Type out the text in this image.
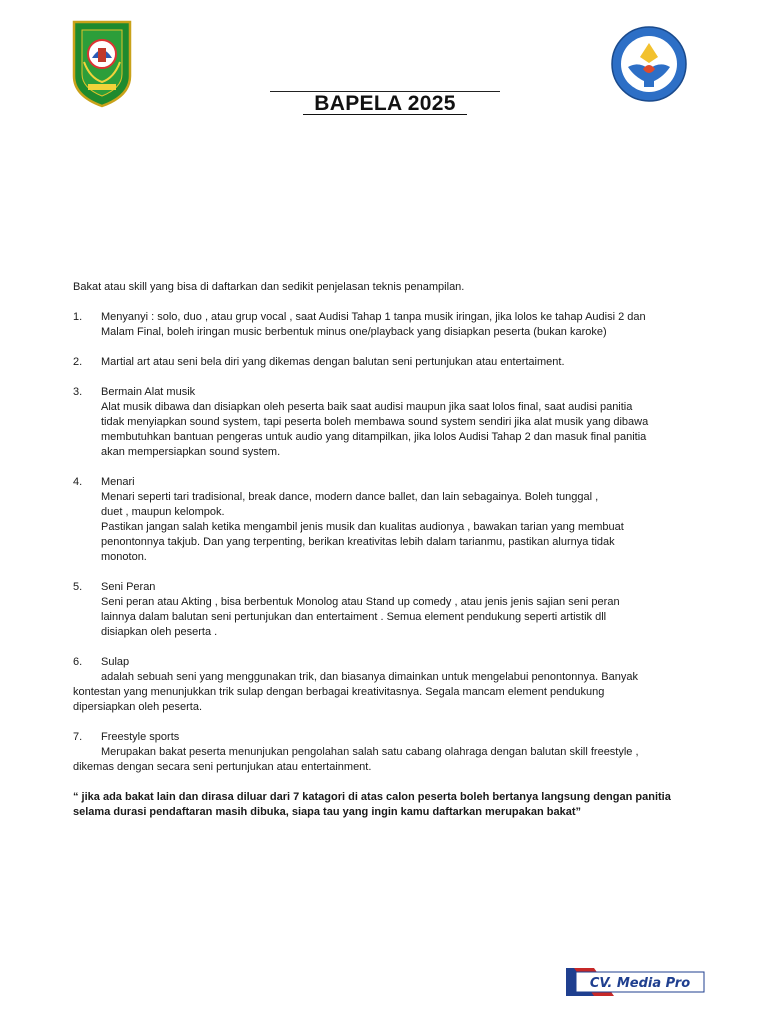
BAPELA 2025

Bakat atau skill yang bisa di daftarkan dan sedikit penjelasan teknis penampilan.

1.	Menyanyi : solo, duo , atau grup vocal , saat Audisi Tahap 1 tanpa musik iringan, jika lolos ke tahap Audisi 2 dan

Malam Final, boleh iringan music berbentuk minus one/playback yang disiapkan peserta (bukan karoke)

2.	Martial art atau seni bela diri yang dikemas dengan balutan seni pertunjukan atau entertaiment.
3.	Bermain Alat musik

Alat musik dibawa dan disiapkan oleh peserta baik saat audisi maupun jika saat lolos final, saat audisi panitia

tidak menyiapkan sound system, tapi peserta boleh membawa sound system sendiri jika alat musik yang dibawa

membutuhkan bantuan pengeras untuk audio yang ditampilkan, jika lolos Audisi Tahap 2 dan masuk final panitia

akan mempersiapkan sound system.

4.	Menari

Menari seperti tari tradisional, break dance, modern dance ballet, dan lain sebagainya. Boleh tunggal ,

duet , maupun kelompok.

Pastikan jangan salah ketika mengambil jenis musik dan kualitas audionya , bawakan tarian yang membuat

penontonnya takjub. Dan yang terpenting, berikan kreativitas lebih dalam tarianmu, pastikan alurnya tidak

monoton.

5.	Seni Peran

Seni peran atau Akting , bisa berbentuk Monolog atau Stand up comedy , atau jenis jenis sajian seni peran

lainnya dalam balutan seni pertunjukan dan entertaiment . Semua element pendukung seperti artistik dll

disiapkan oleh peserta .

6.	Sulap

adalah sebuah seni yang menggunakan trik, dan biasanya dimainkan untuk mengelabui penontonnya. Banyak

kontestan yang menunjukkan trik sulap dengan berbagai kreativitasnya. Segala mancam element pendukung

dipersiapkan oleh peserta.

7.	Freestyle sports

Merupakan bakat peserta menunjukan pengolahan salah satu cabang olahraga dengan balutan skill freestyle ,

dikemas dengan secara seni pertunjukan atau entertainment.

“ jika ada bakat lain dan dirasa diluar dari 7 katagori di atas calon peserta boleh bertanya langsung dengan panitia

selama durasi pendaftaran masih dibuka, siapa tau yang ingin kamu daftarkan merupakan bakat”

CV. Media Pro
